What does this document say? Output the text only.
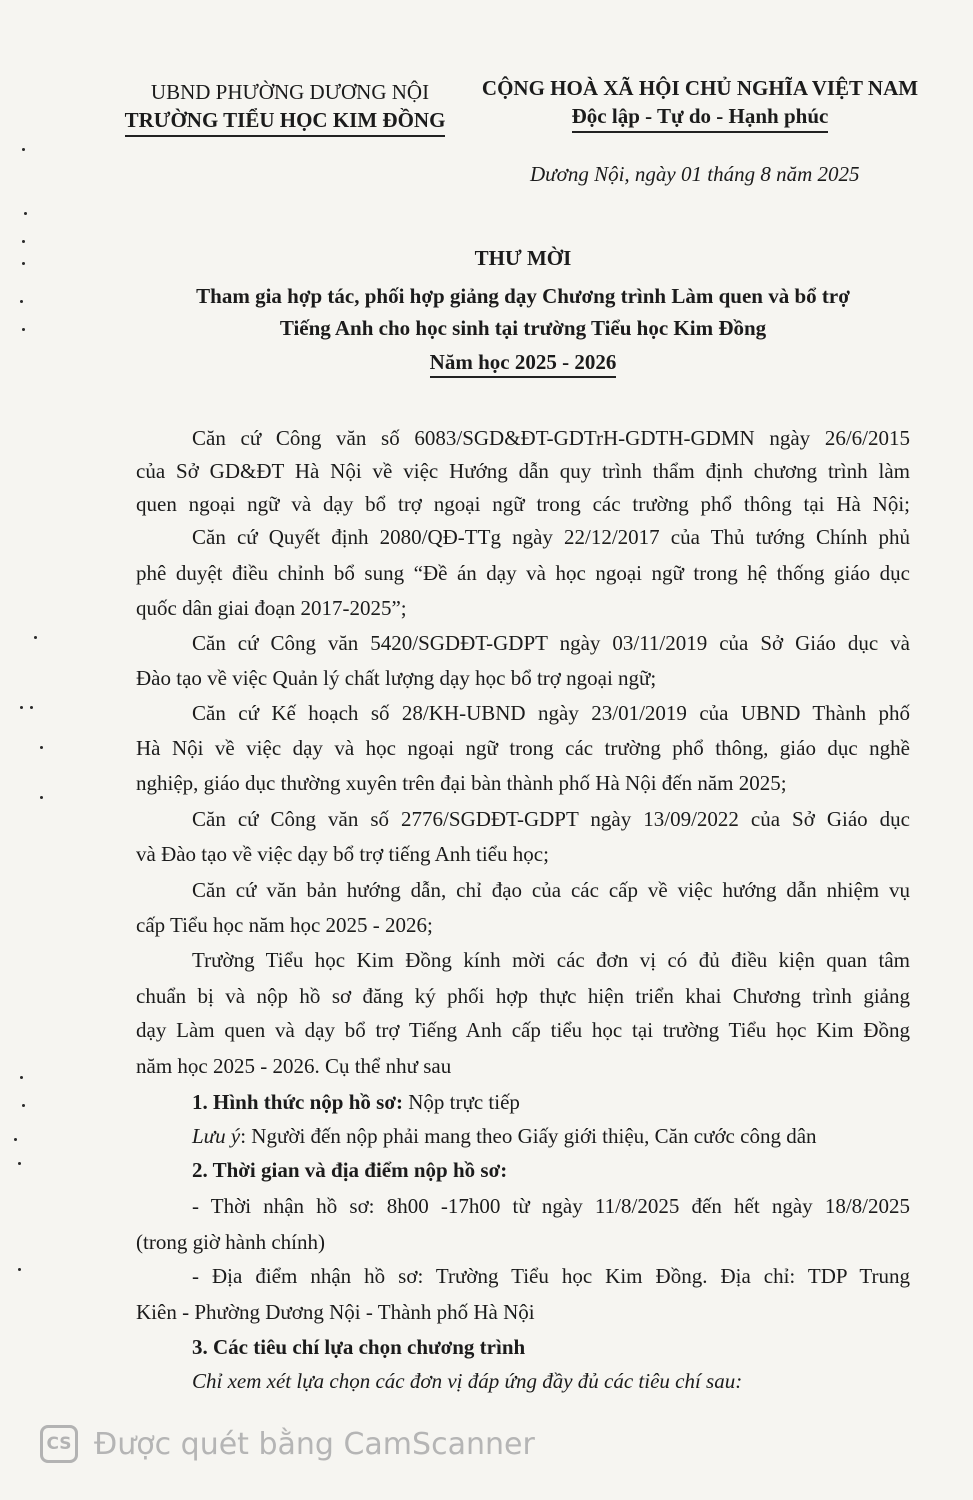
UBND PHƯỜNG DƯƠNG NỘI
TRƯỜNG TIỂU HỌC KIM ĐỒNG
CỘNG HOÀ XÃ HỘI CHỦ NGHĨA VIỆT NAM
Độc lập - Tự do - Hạnh phúc
Dương Nội, ngày 01 tháng 8 năm 2025
THƯ MỜI
Tham gia hợp tác, phối hợp giảng dạy Chương trình Làm quen và bổ trợ
Tiếng Anh cho học sinh tại trường Tiểu học Kim Đồng
Năm học 2025 - 2026
Căn cứ Công văn số 6083/SGD&ĐT-GDTrH-GDTH-GDMN ngày 26/6/2015
của Sở GD&ĐT Hà Nội về việc Hướng dẫn quy trình thẩm định chương trình làm
quen ngoại ngữ và dạy bổ trợ ngoại ngữ trong các trường phổ thông tại Hà Nội;
Căn cứ Quyết định 2080/QĐ-TTg ngày 22/12/2017 của Thủ tướng Chính phủ
phê duyệt điều chỉnh bổ sung “Đề án dạy và học ngoại ngữ trong hệ thống giáo dục
quốc dân giai đoạn 2017-2025”;
Căn cứ Công văn 5420/SGDĐT-GDPT ngày 03/11/2019 của Sở Giáo dục và
Đào tạo về việc Quản lý chất lượng dạy học bổ trợ ngoại ngữ;
Căn cứ Kế hoạch số 28/KH-UBND ngày 23/01/2019 của UBND Thành phố
Hà Nội về việc dạy và học ngoại ngữ trong các trường phổ thông, giáo dục nghề
nghiệp, giáo dục thường xuyên trên đại bàn thành phố Hà Nội đến năm 2025;
Căn cứ Công văn số 2776/SGDĐT-GDPT ngày 13/09/2022 của Sở Giáo dục
và Đào tạo về việc dạy bổ trợ tiếng Anh tiểu học;
Căn cứ văn bản hướng dẫn, chỉ đạo của các cấp về việc hướng dẫn nhiệm vụ
cấp Tiểu học năm học 2025 - 2026;
Trường Tiểu học Kim Đồng kính mời các đơn vị có đủ điều kiện quan tâm
chuẩn bị và nộp hồ sơ đăng ký phối hợp thực hiện triển khai Chương trình giảng
dạy Làm quen và dạy bổ trợ Tiếng Anh cấp tiểu học tại trường Tiểu học Kim Đồng
năm học 2025 - 2026. Cụ thể như sau
1. Hình thức nộp hồ sơ: Nộp trực tiếp
Lưu ý: Người đến nộp phải mang theo Giấy giới thiệu, Căn cước công dân
2. Thời gian và địa điểm nộp hồ sơ:
- Thời nhận hồ sơ: 8h00 -17h00 từ ngày 11/8/2025 đến hết ngày 18/8/2025
(trong giờ hành chính)
- Địa điểm nhận hồ sơ: Trường Tiểu học Kim Đồng. Địa chỉ: TDP Trung
Kiên - Phường Dương Nội - Thành phố Hà Nội
3. Các tiêu chí lựa chọn chương trình
Chỉ xem xét lựa chọn các đơn vị đáp ứng đầy đủ các tiêu chí sau:
CS Được quét bằng CamScanner
